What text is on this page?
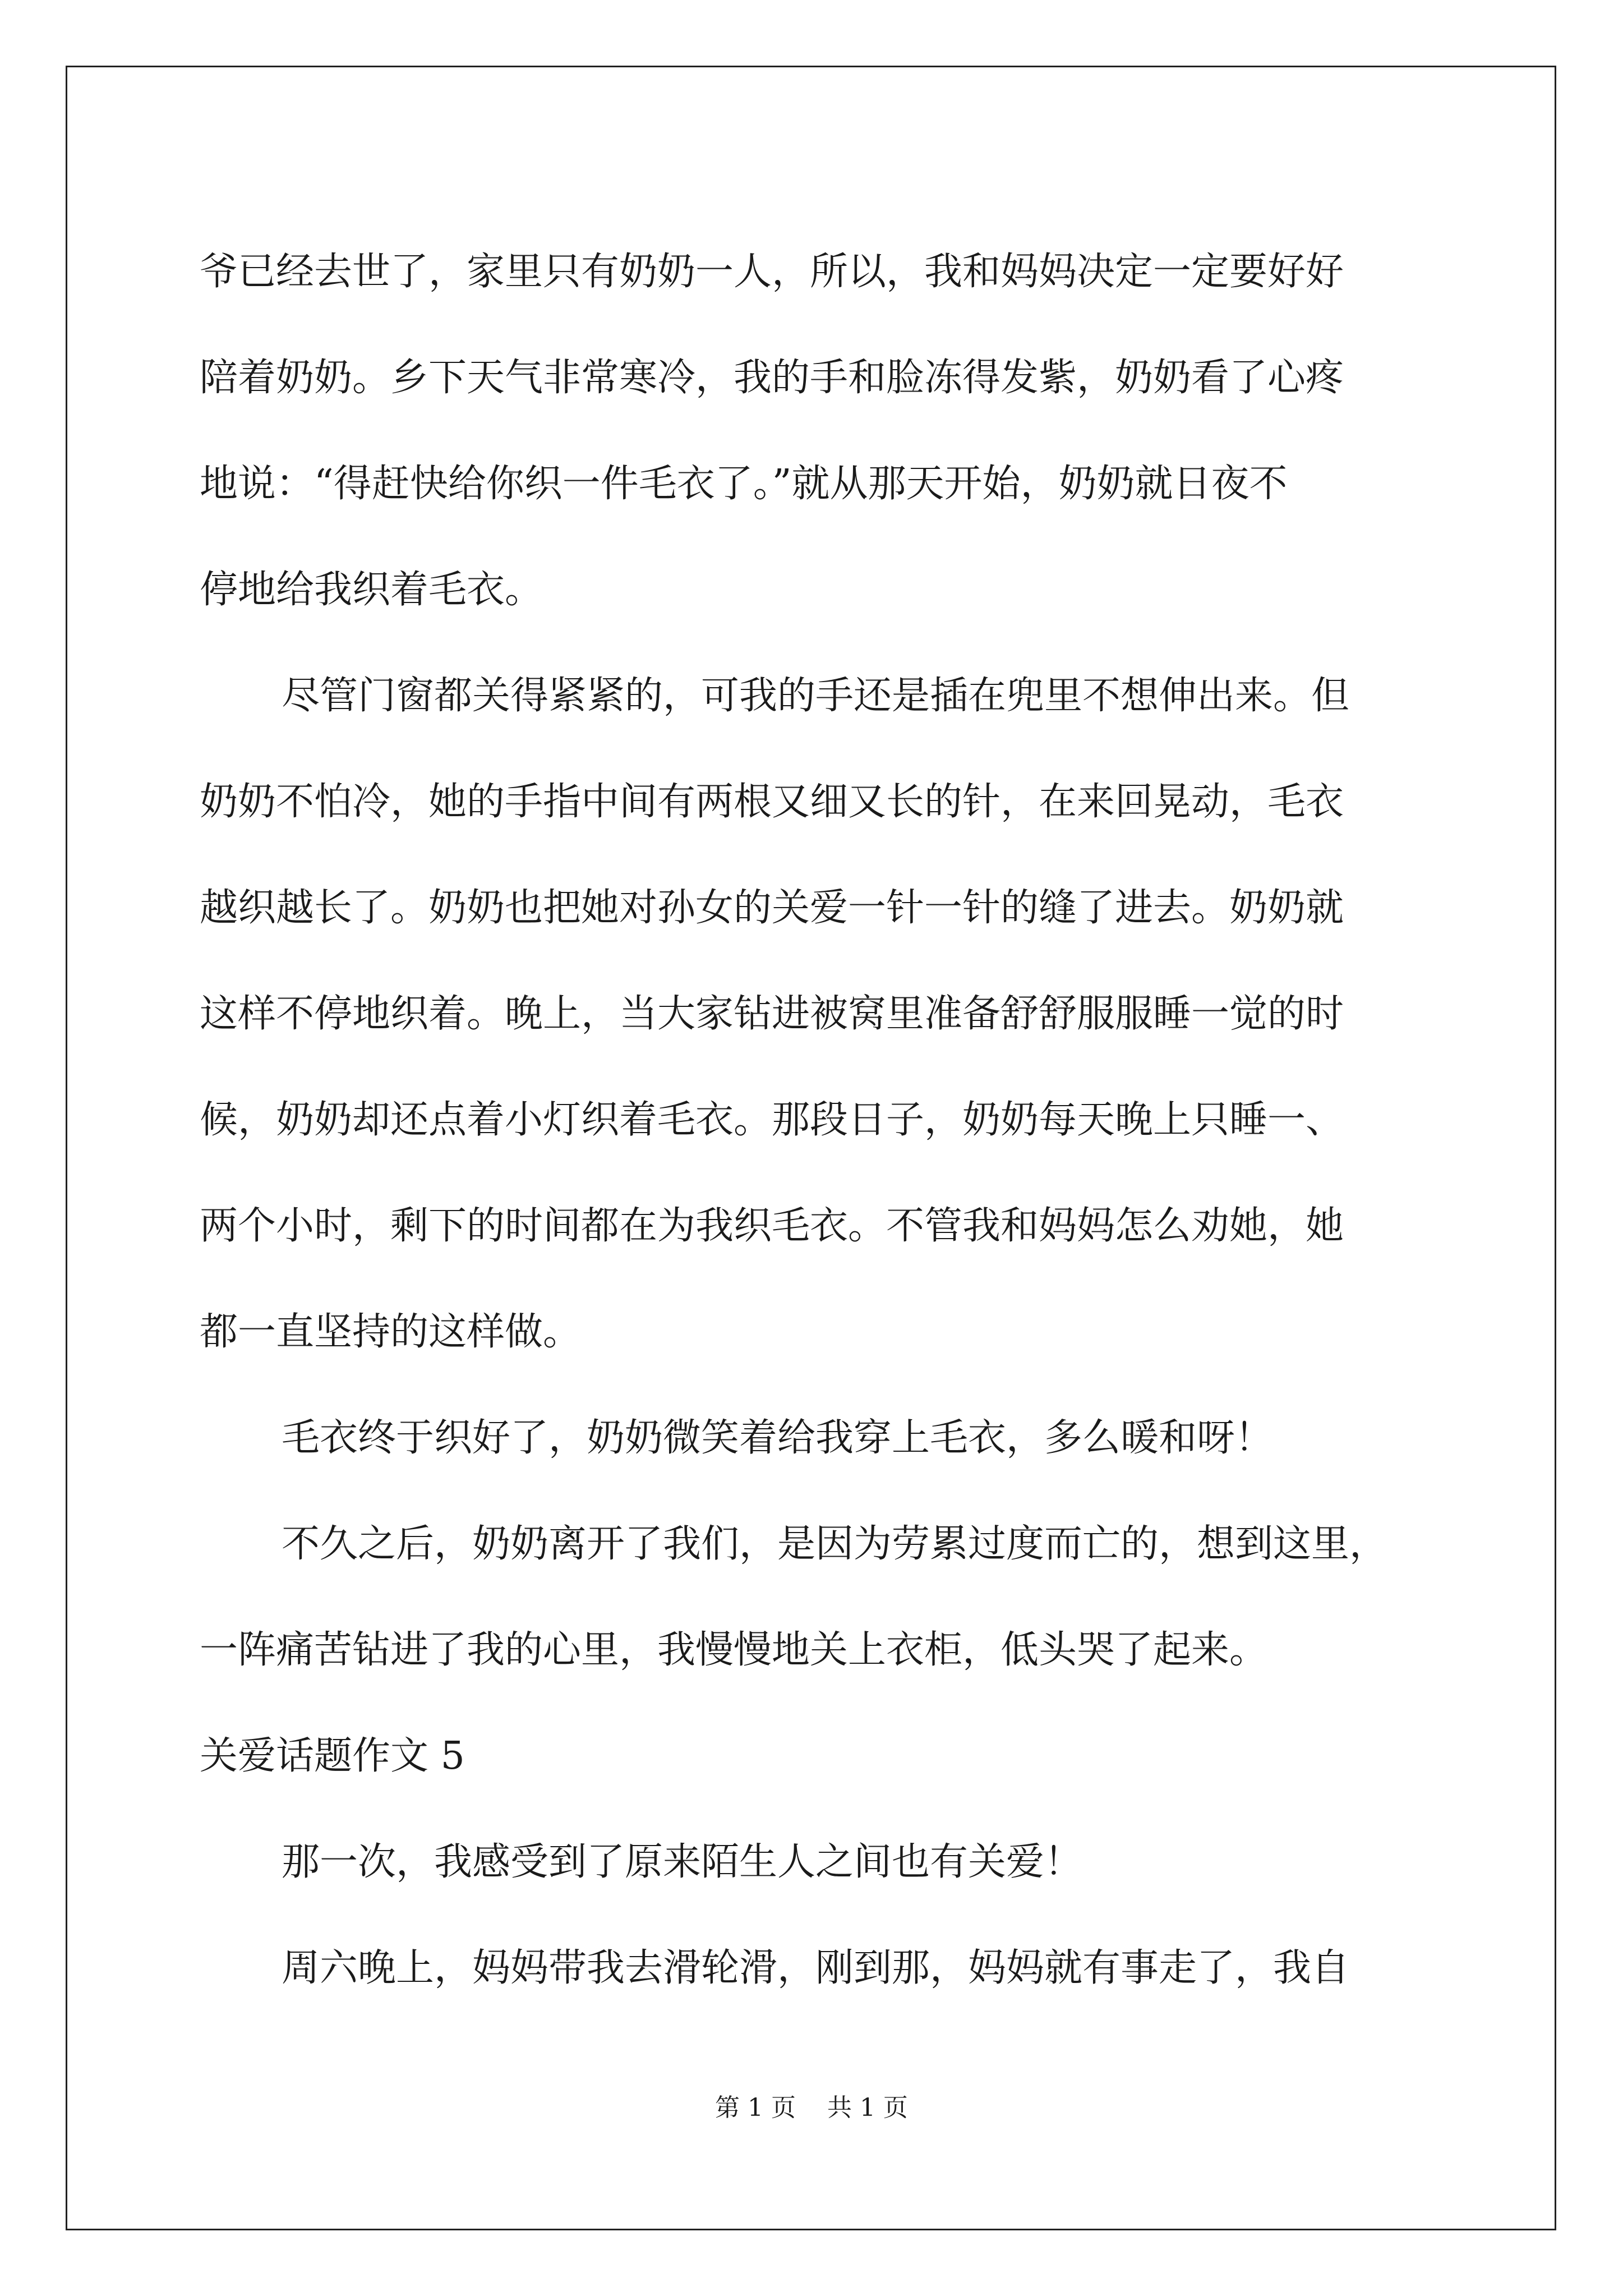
爷已经去世了，家里只有奶奶一人，所以，我和妈妈决定一定要好好

陪着奶奶。乡下天气非常寒冷，我的手和脸冻得发紫，奶奶看了心疼

地说：“得赶快给你织一件毛衣了。”就从那天开始，奶奶就日夜不

停地给我织着毛衣。

尽管门窗都关得紧紧的，可我的手还是插在兜里不想伸出来。但

奶奶不怕冷，她的手指中间有两根又细又长的针，在来回晃动，毛衣

越织越长了。奶奶也把她对孙女的关爱一针一针的缝了进去。奶奶就

这样不停地织着。晚上，当大家钻进被窝里准备舒舒服服睡一觉的时

候，奶奶却还点着小灯织着毛衣。那段日子，奶奶每天晚上只睡一、

两个小时，剩下的时间都在为我织毛衣。不管我和妈妈怎么劝她，她

都一直坚持的这样做。

毛衣终于织好了，奶奶微笑着给我穿上毛衣，多么暖和呀！

不久之后，奶奶离开了我们，是因为劳累过度而亡的，想到这里，

一阵痛苦钻进了我的心里，我慢慢地关上衣柜，低头哭了起来。

关爱话题作文 5

那一次，我感受到了原来陌生人之间也有关爱！

周六晚上，妈妈带我去滑轮滑，刚到那，妈妈就有事走了，我自

第 1 页    共 1 页
